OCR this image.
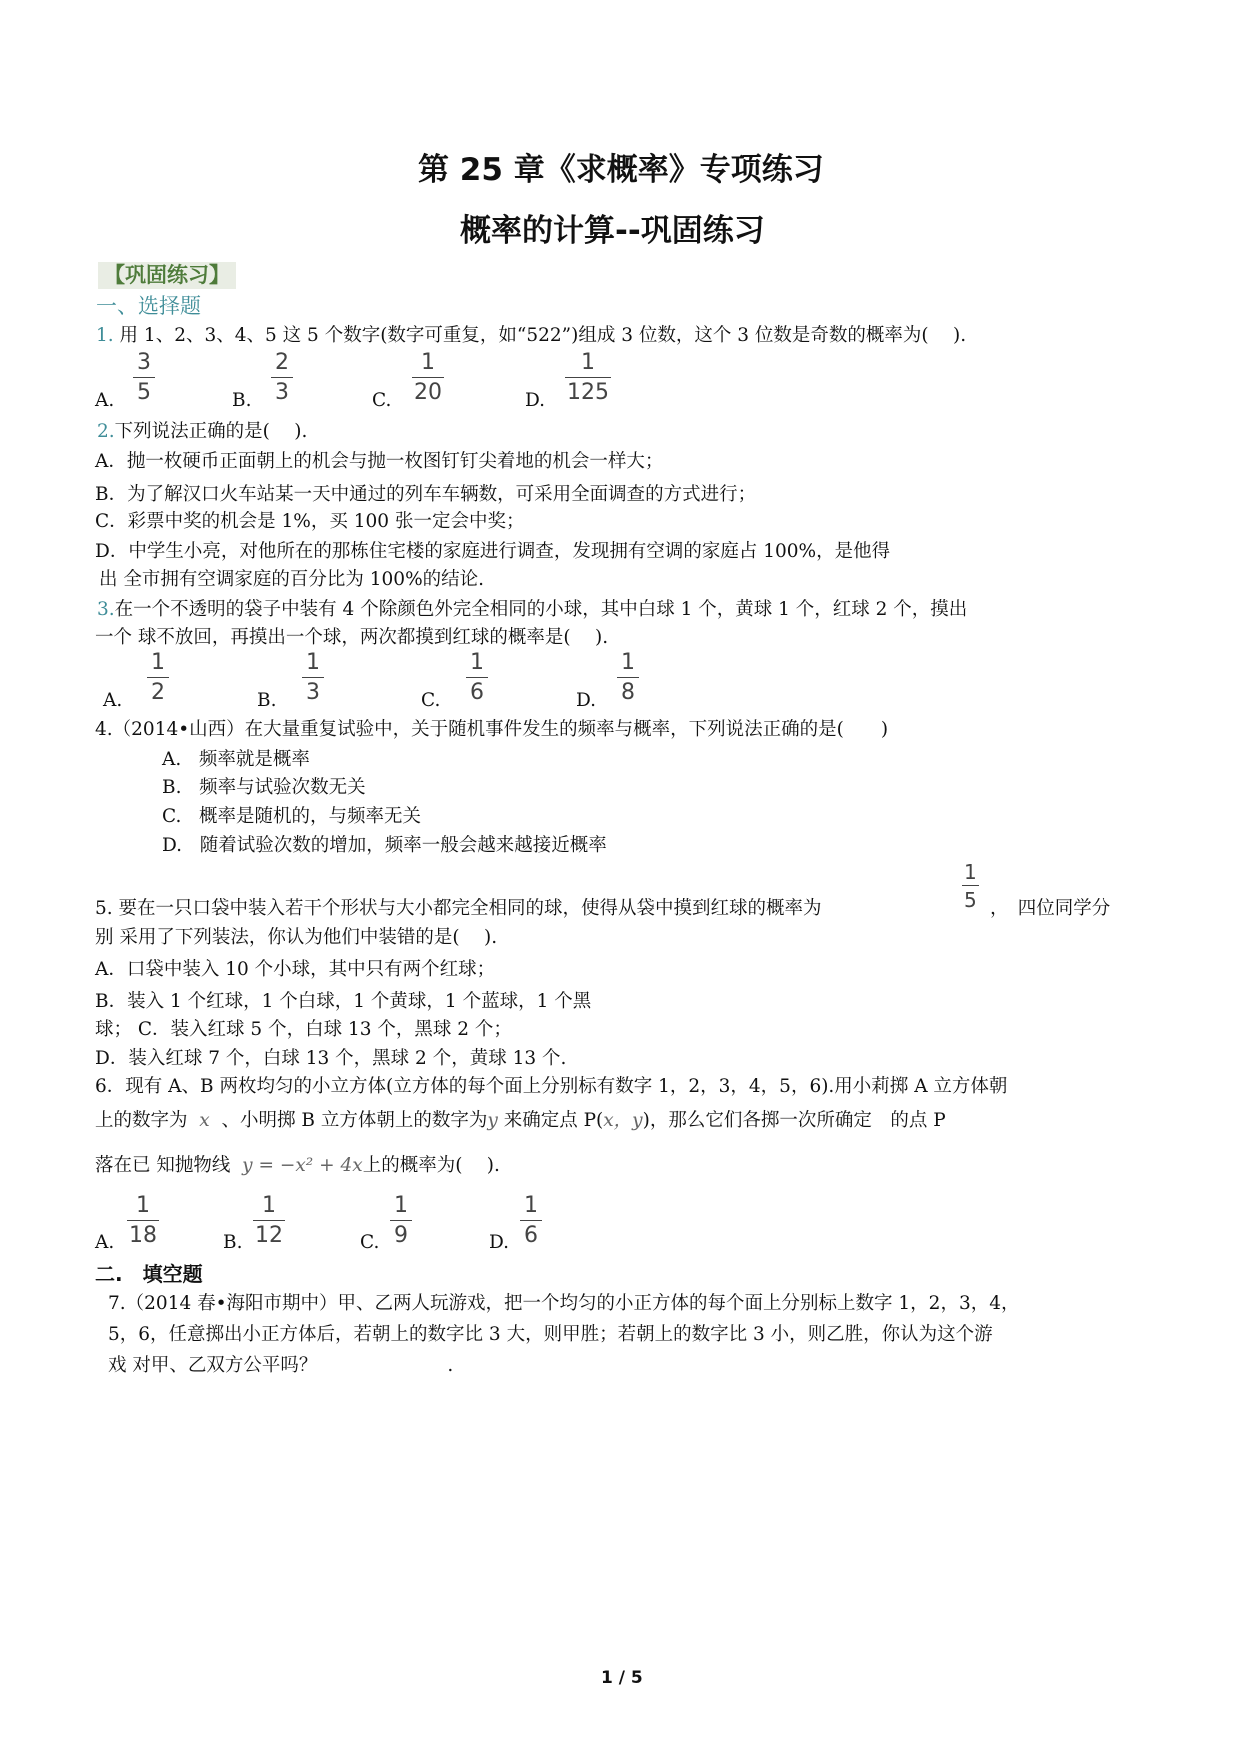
第 25 章《求概率》专项练习
概率的计算--巩固练习
【巩固练习】
一、选择题
1. 用 1、2、3、4、5 这 5 个数字(数字可重复，如“522”)组成 3 位数，这个 3 位数是奇数的概率为(　 ).
A.
3
5	B.
2
3	C.
1
20	D.
1
125
2.下列说法正确的是(　 ).
A．抛一枚硬币正面朝上的机会与抛一枚图钉钉尖着地的机会一样大；
B．为了解汉口火车站某一天中通过的列车车辆数，可采用全面调查的方式进行；
C．彩票中奖的机会是 1%，买 100 张一定会中奖；
D．中学生小亮，对他所在的那栋住宅楼的家庭进行调查，发现拥有空调的家庭占 100%，是他得
出 全市拥有空调家庭的百分比为 100%的结论.
3.在一个不透明的袋子中装有 4 个除颜色外完全相同的小球，其中白球 1 个，黄球 1 个，红球 2 个，摸出
一个 球不放回，再摸出一个球，两次都摸到红球的概率是(　 ).
A.
1
2	B.
1
3	C.
1
6	D.
1
8
4.（2014•山西）在大量重复试验中，关于随机事件发生的频率与概率，下列说法正确的是(　　)
A. 频率就是概率
B. 频率与试验次数无关
C. 概率是随机的，与频率无关
D. 随着试验次数的增加，频率一般会越来越接近概率
5. 要在一只口袋中装入若干个形状与大小都完全相同的球，使得从袋中摸到红球的概率为
1
5 ，　四位同学分
别 采用了下列装法，你认为他们中装错的是(　 ).
A．口袋中装入 10 个小球，其中只有两个红球；
B．装入 1 个红球，1 个白球，1 个黄球，1 个蓝球，1 个黑
球； C．装入红球 5 个，白球 13 个，黑球 2 个；
D．装入红球 7 个，白球 13 个，黑球 2 个，黄球 13 个.
6．现有 A、B 两枚均匀的小立方体(立方体的每个面上分别标有数字 1，2，3，4，5，6).用小莉掷 A 立方体朝
上的数字为 x 、小明掷 B 立方体朝上的数字为y 来确定点 P(x，y)，那么它们各掷一次所确定　的点 P
落在已 知抛物线 y = −x² + 4x上的概率为(　 ).
A.
1
18	B.
1
12	C.
1
9	D.
1
6
二.　填空题
7.（2014 春•海阳市期中）甲、乙两人玩游戏，把一个均匀的小正方体的每个面上分别标上数字 1，2，3，4，
5，6，任意掷出小正方体后，若朝上的数字比 3 大，则甲胜；若朝上的数字比 3 小，则乙胜，你认为这个游
戏 对甲、乙双方公平吗？	.
1 / 5
